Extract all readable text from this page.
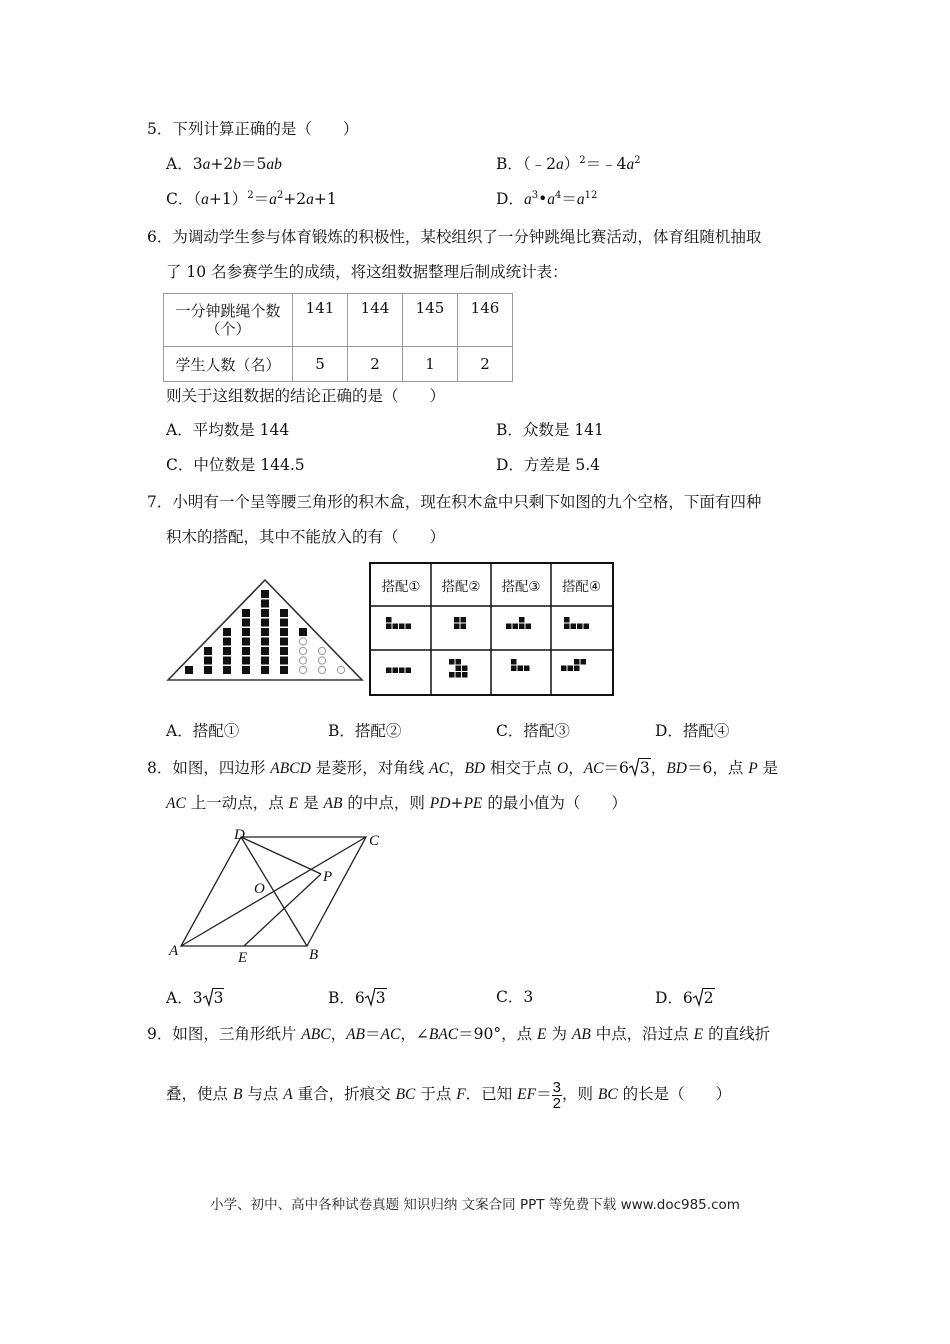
5．下列计算正确的是（　　）
A．3a+2b＝5ab	B．$(﹣2a)^2=﹣4a^2$
C．$(a+1)^2=a^2+2a+1$	D．$a^3•a^4=a^{12}$
6．为调动学生参与体育锻炼的积极性，某校组织了一分钟跳绳比赛活动，体育组随机抽取
了 10 名参赛学生的成绩，将这组数据整理后制成统计表：
一分钟跳绳个数（个）	141	144	145	146
学生人数（名）	5	2	1	2
则关于这组数据的结论正确的是（　　）
A．平均数是 144	B．众数是 141
C．中位数是 144.5	D．方差是 5.4
7．小明有一个呈等腰三角形的积木盒，现在积木盒中只剩下如图的九个空格，下面有四种
积木的搭配，其中不能放入的有（　　）
搭配①	搭配②	搭配③	搭配④
A．搭配①	B．搭配②	C．搭配③	D．搭配④
8．如图，四边形 ABCD 是菱形，对角线 AC，BD 相交于点 O，AC＝6 3，BD＝6，点 P 是
AC 上一动点，点 E 是 AB 的中点，则 PD+PE 的最小值为（　　）
D	C
O
P
A	E	B
A．3 3	B．6 3	C．3	D．6 2
9．如图，三角形纸片 ABC，AB＝AC，∠BAC＝90°，点 E 为 AB 中点，沿过点 E 的直线折
叠，使点 B 与点 A 重合，折痕交 BC 于点 F．已知 $EF= \frac{3}{2}$ ，则 BC 的长是（　　）
小学、初中、高中各种试卷真题 知识归纳 文案合同 PPT 等免费下载 www.doc985.com
